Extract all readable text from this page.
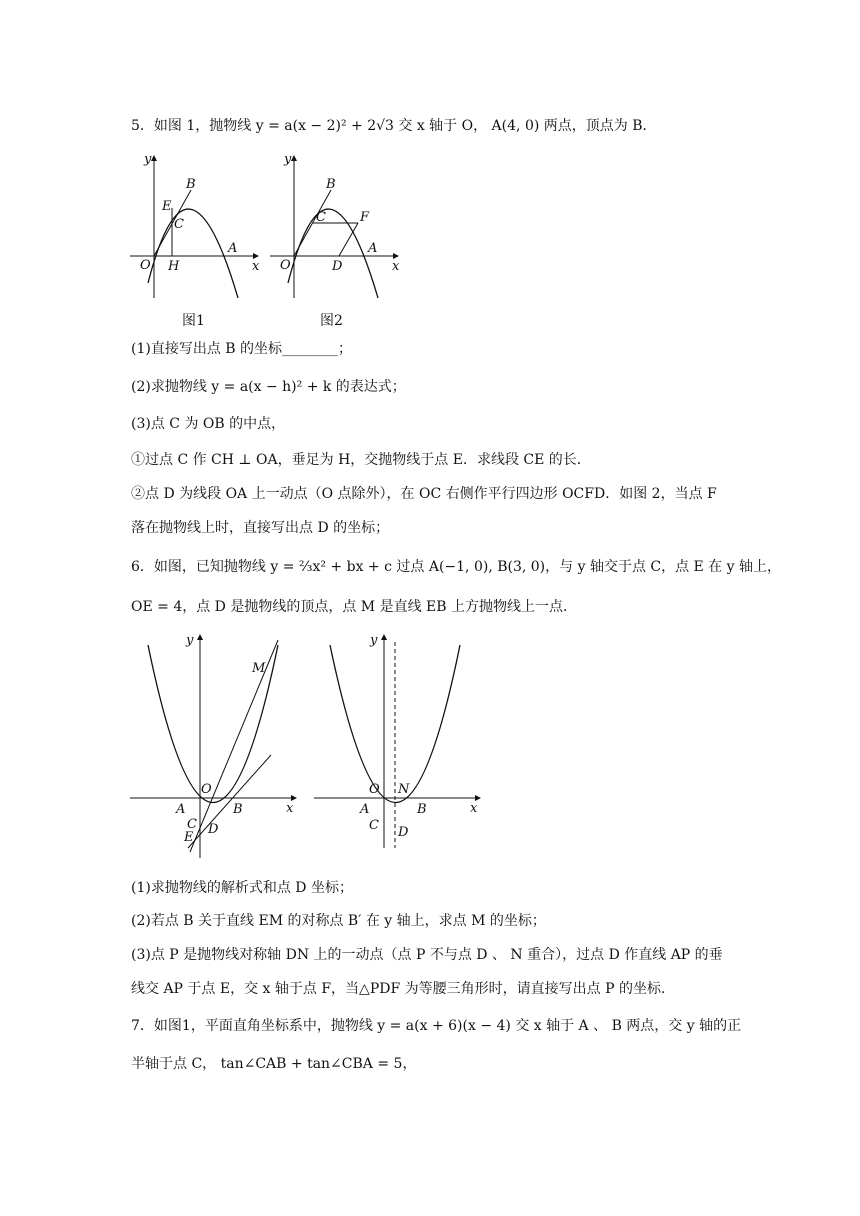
5．如图 1，抛物线 y = a(x − 2)² + 2√3 交 x 轴于 O， A(4, 0) 两点，顶点为 B．
y
x
O
A
B
E
C
H
图1
y
x
O
A
B
C	F
D
图2
(1)直接写出点 B 的坐标________；
(2)求抛物线 y = a(x − h)² + k 的表达式；
(3)点 C 为 OB 的中点，
①过点 C 作 CH ⊥ OA，垂足为 H，交抛物线于点 E．求线段 CE 的长．
②点 D 为线段 OA 上一动点（O 点除外），在 OC 右侧作平行四边形 OCFD．如图 2，当点 F
落在抛物线上时，直接写出点 D 的坐标；
6．如图，已知抛物线 y = ⅔x² + bx + c 过点 A(−1, 0), B(3, 0)，与 y 轴交于点 C，点 E 在 y 轴上，
OE = 4，点 D 是抛物线的顶点，点 M 是直线 EB 上方抛物线上一点．
y
x
O
A	B
C D
E
M
y
x
O N
A	B
C D
(1)求抛物线的解析式和点 D 坐标；
(2)若点 B 关于直线 EM 的对称点 B′ 在 y 轴上，求点 M 的坐标；
(3)点 P 是抛物线对称轴 DN 上的一动点（点 P 不与点 D 、 N 重合），过点 D 作直线 AP 的垂
线交 AP 于点 E，交 x 轴于点 F，当△PDF 为等腰三角形时，请直接写出点 P 的坐标．
7．如图1，平面直角坐标系中，抛物线 y = a(x + 6)(x − 4) 交 x 轴于 A 、 B 两点，交 y 轴的正
半轴于点 C， tan∠CAB + tan∠CBA = 5，
